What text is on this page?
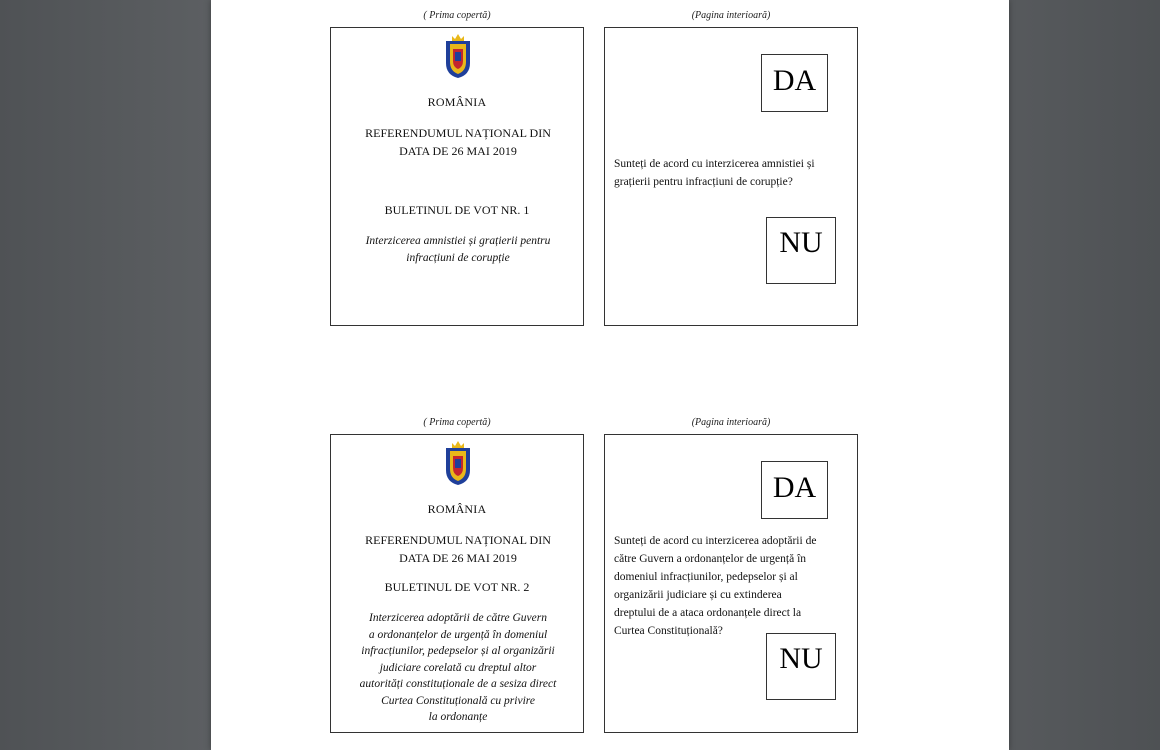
( Prima copertă)	(Pagina interioară)
ROMÂNIA
REFERENDUMUL NAȚIONAL DIN
DATA DE 26 MAI 2019
BULETINUL DE VOT NR. 1
Interzicerea amnistiei și grațierii pentru
infracțiuni de corupție
DA
Sunteți de acord cu interzicerea amnistiei și
grațierii pentru infracțiuni de corupție?
NU
( Prima copertă)	(Pagina interioară)
ROMÂNIA
REFERENDUMUL NAȚIONAL DIN
DATA DE 26 MAI 2019
BULETINUL DE VOT NR. 2
Interzicerea adoptării de către Guvern
a ordonanțelor de urgență în domeniul
infracțiunilor, pedepselor și al organizării
judiciare corelată cu dreptul altor
autorități constituționale de a sesiza direct
Curtea Constituțională cu privire
la ordonanțe
DA
Sunteți de acord cu interzicerea adoptării de
către Guvern a ordonanțelor de urgență în
domeniul infracțiunilor, pedepselor și al
organizării judiciare și cu extinderea
dreptului de a ataca ordonanțele direct la
Curtea Constituțională?
NU
